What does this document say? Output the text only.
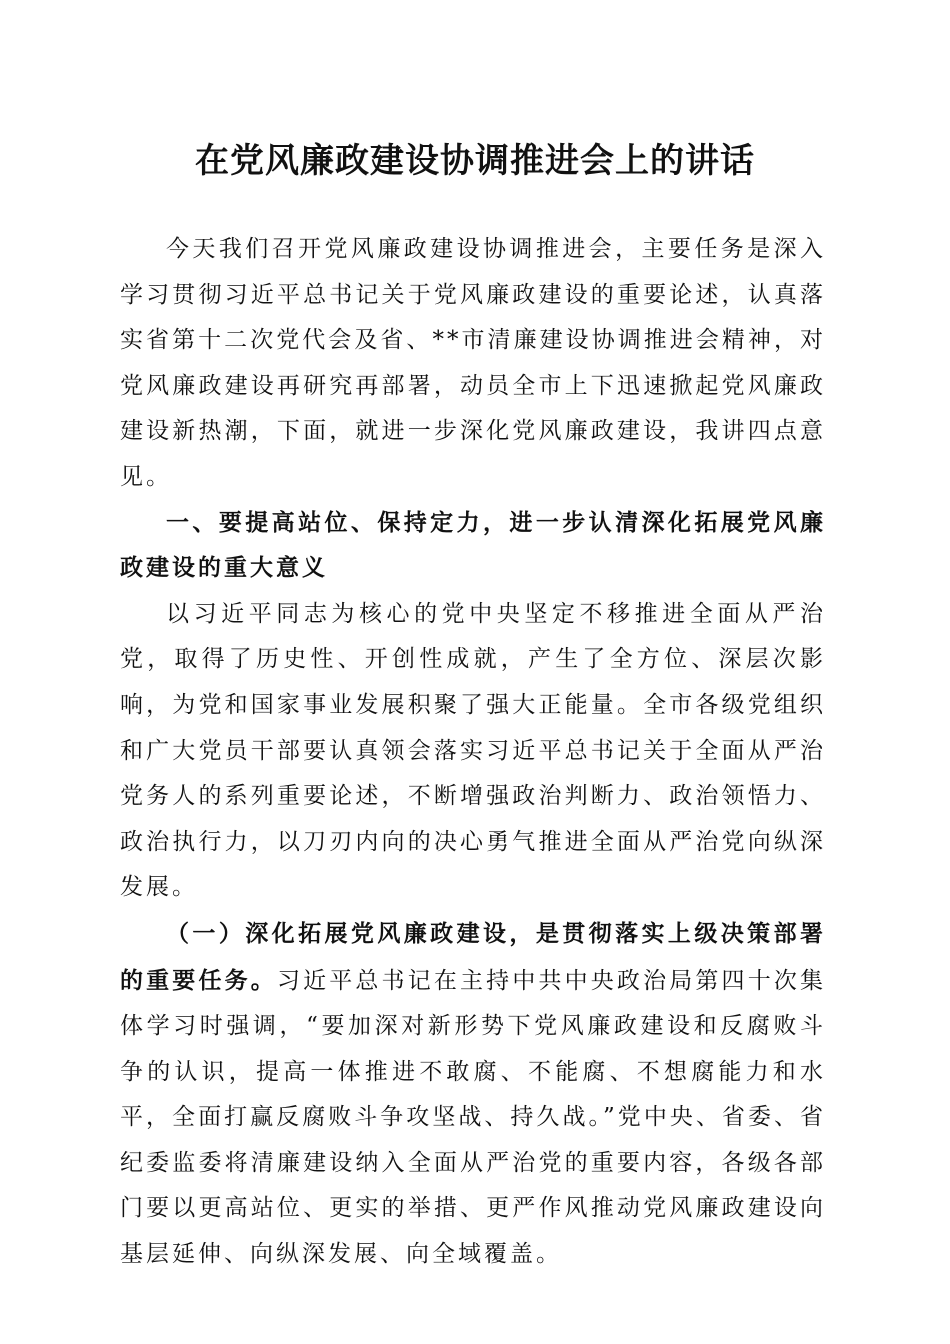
在党风廉政建设协调推进会上的讲话

今天我们召开党风廉政建设协调推进会，主要任务是深入学习贯彻习近平总书记关于党风廉政建设的重要论述，认真落实省第十二次党代会及省、**市清廉建设协调推进会精神，对党风廉政建设再研究再部署，动员全市上下迅速掀起党风廉政建设新热潮，下面，就进一步深化党风廉政建设，我讲四点意见。

一、要提高站位、保持定力，进一步认清深化拓展党风廉政建设的重大意义

以习近平同志为核心的党中央坚定不移推进全面从严治党，取得了历史性、开创性成就，产生了全方位、深层次影响，为党和国家事业发展积聚了强大正能量。全市各级党组织和广大党员干部要认真领会落实习近平总书记关于全面从严治党务人的系列重要论述，不断增强政治判断力、政治领悟力、政治执行力，以刀刃内向的决心勇气推进全面从严治党向纵深发展。

（一）深化拓展党风廉政建设，是贯彻落实上级决策部署的重要任务。习近平总书记在主持中共中央政治局第四十次集体学习时强调，“要加深对新形势下党风廉政建设和反腐败斗争的认识，提高一体推进不敢腐、不能腐、不想腐能力和水平，全面打赢反腐败斗争攻坚战、持久战。”党中央、省委、省纪委监委将清廉建设纳入全面从严治党的重要内容，各级各部门要以更高站位、更实的举措、更严作风推动党风廉政建设向基层延伸、向纵深发展、向全域覆盖。
